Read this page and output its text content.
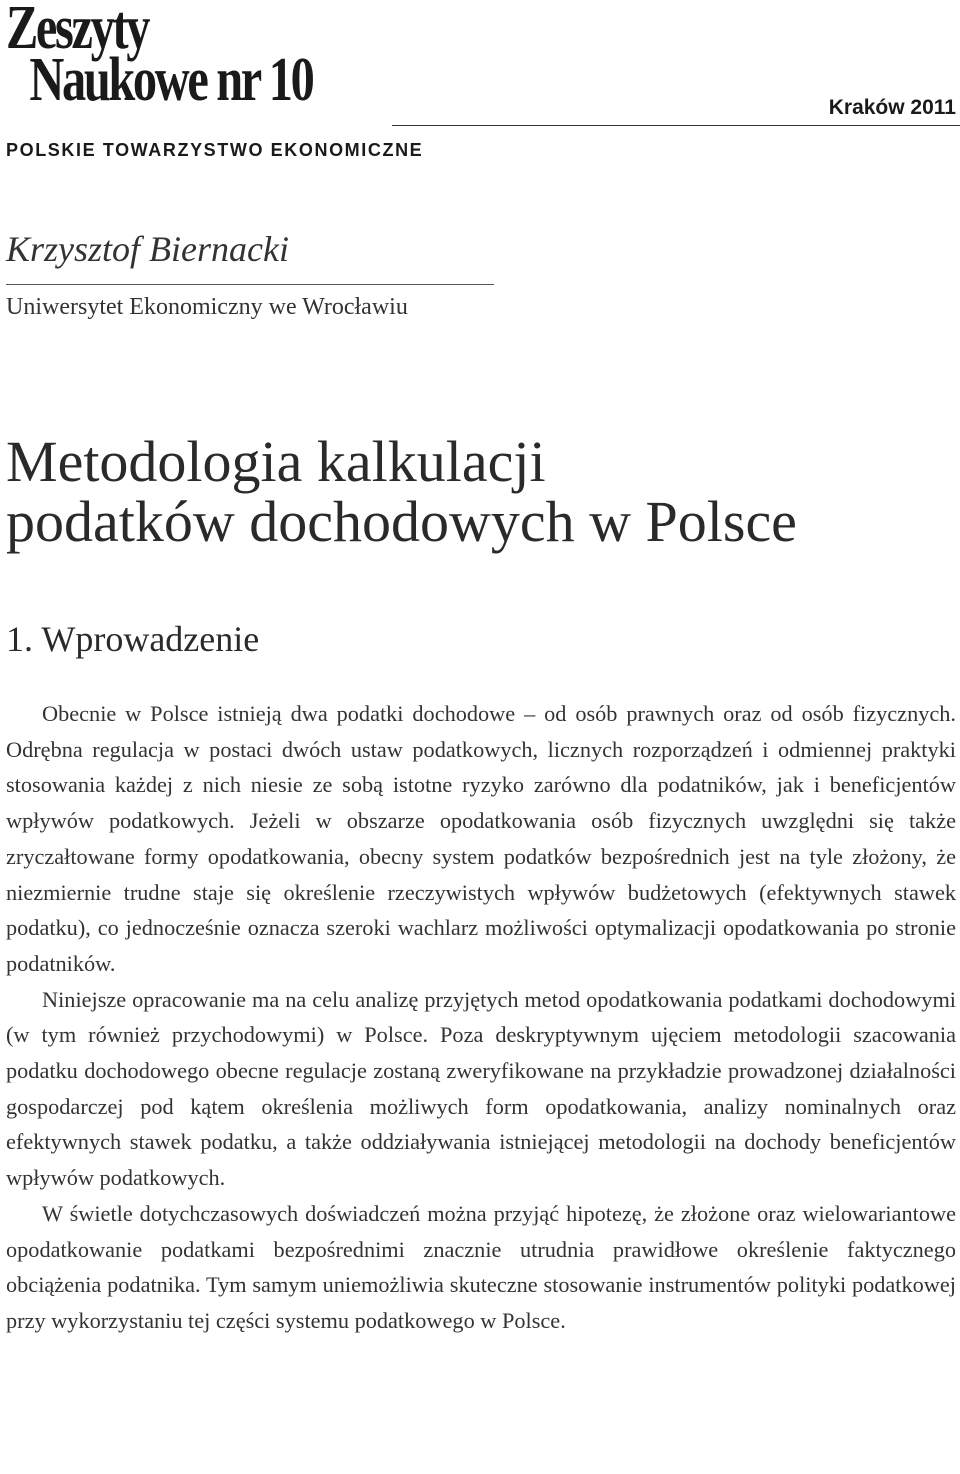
Zeszyty
Naukowe nr 10	Kraków 2011
POLSKIE TOWARZYSTWO EKONOMICZNE
Krzysztof Biernacki
Uniwersytet Ekonomiczny we Wrocławiu
Metodologia kalkulacji
podatków dochodowych w Polsce
1. Wprowadzenie

Obecnie w Polsce istnieją dwa podatki dochodowe – od osób prawnych oraz od osób fizycznych. Odrębna regulacja w postaci dwóch ustaw podatkowych, licznych rozporządzeń i odmiennej praktyki stosowania każdej z nich niesie ze sobą istotne ryzyko zarówno dla podatników, jak i beneficjentów wpływów podatkowych. Jeżeli w obszarze opodatkowania osób fizycznych uwzględni się także zryczałtowane formy opodatkowania, obecny system podatków bezpośrednich jest na tyle złożony, że niezmiernie trudne staje się określenie rzeczywistych wpływów budżetowych (efektywnych stawek podatku), co jednocześnie oznacza szeroki wachlarz możliwości optymalizacji opodatkowania po stronie podatników.

Niniejsze opracowanie ma na celu analizę przyjętych metod opodatkowania podatkami dochodowymi (w tym również przychodowymi) w Polsce. Poza deskryptywnym ujęciem metodologii szacowania podatku dochodowego obecne regulacje zostaną zweryfikowane na przykładzie prowadzonej działalności gospodarczej pod kątem określenia możliwych form opodatkowania, analizy nominalnych oraz efektywnych stawek podatku, a także oddziaływania istniejącej metodologii na dochody beneficjentów wpływów podatkowych.

W świetle dotychczasowych doświadczeń można przyjąć hipotezę, że złożone oraz wielowariantowe opodatkowanie podatkami bezpośrednimi znacznie utrudnia prawidłowe określenie faktycznego obciążenia podatnika. Tym samym uniemożliwia skuteczne stosowanie instrumentów polityki podatkowej przy wykorzystaniu tej części systemu podatkowego w Polsce.
